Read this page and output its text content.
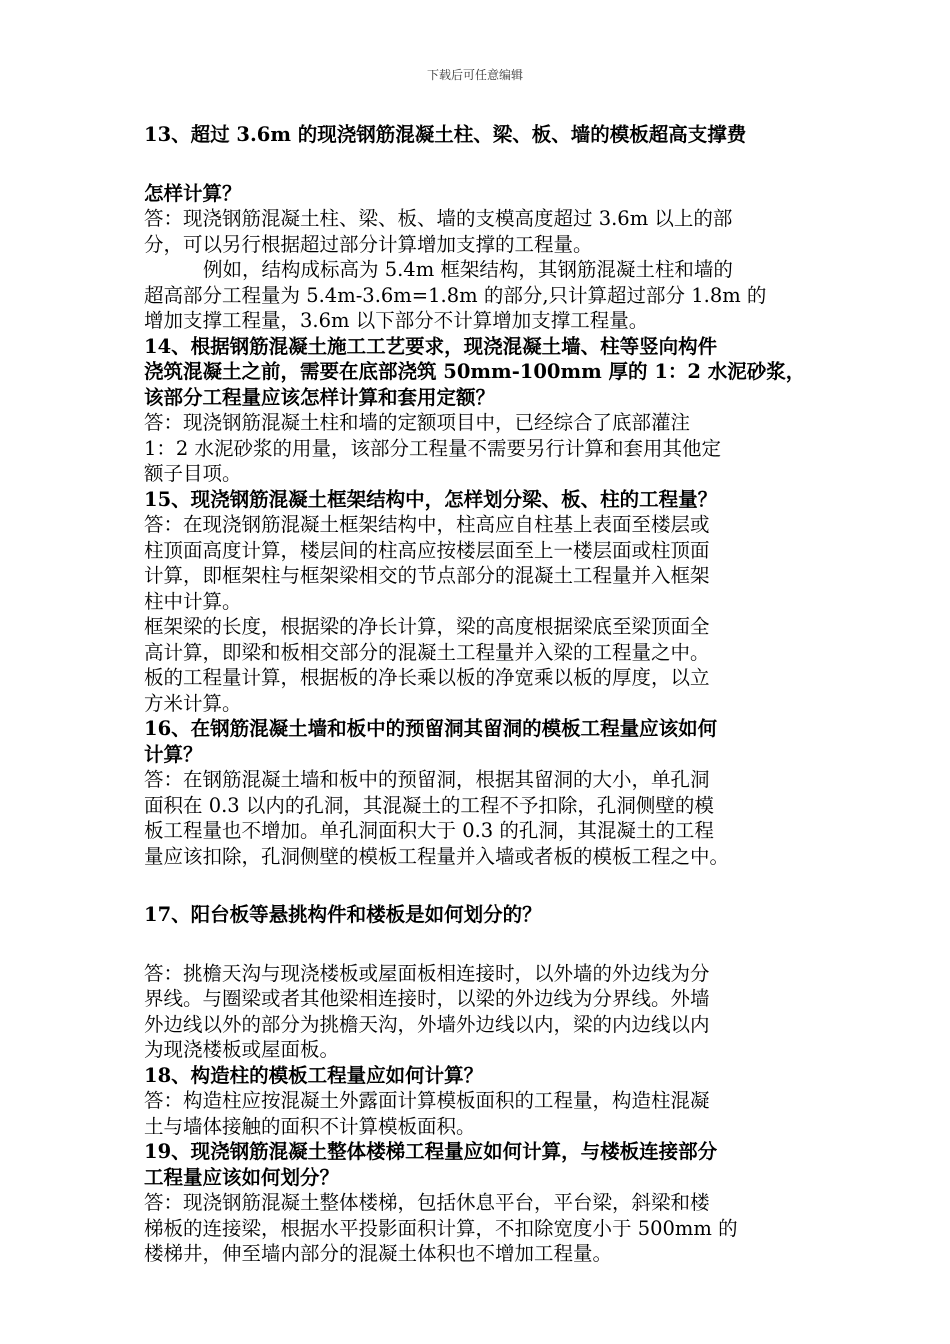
下载后可任意编辑

13、超过 3.6m 的现浇钢筋混凝土柱、梁、板、墙的模板超高支撑费

怎样计算？

答：现浇钢筋混凝土柱、梁、板、墙的支模高度超过 3.6m 以上的部

分，可以另行根据超过部分计算增加支撑的工程量。

例如，结构成标高为 5.4m 框架结构，其钢筋混凝土柱和墙的

超高部分工程量为 5.4m-3.6m=1.8m 的部分,只计算超过部分 1.8m 的

增加支撑工程量，3.6m 以下部分不计算增加支撑工程量。

14、根据钢筋混凝土施工工艺要求，现浇混凝土墙、柱等竖向构件

浇筑混凝土之前，需要在底部浇筑 50mm-100mm 厚的 1：2 水泥砂浆，

该部分工程量应该怎样计算和套用定额？

答：现浇钢筋混凝土柱和墙的定额项目中，已经综合了底部灌注

1：2 水泥砂浆的用量，该部分工程量不需要另行计算和套用其他定

额子目项。

15、现浇钢筋混凝土框架结构中，怎样划分梁、板、柱的工程量？

答：在现浇钢筋混凝土框架结构中，柱高应自柱基上表面至楼层或

柱顶面高度计算，楼层间的柱高应按楼层面至上一楼层面或柱顶面

计算，即框架柱与框架梁相交的节点部分的混凝土工程量并入框架

柱中计算。

框架梁的长度，根据梁的净长计算，梁的高度根据梁底至梁顶面全

高计算，即梁和板相交部分的混凝土工程量并入梁的工程量之中。

板的工程量计算，根据板的净长乘以板的净宽乘以板的厚度，以立

方米计算。

16、在钢筋混凝土墙和板中的预留洞其留洞的模板工程量应该如何

计算？

答：在钢筋混凝土墙和板中的预留洞，根据其留洞的大小，单孔洞

面积在 0.3 以内的孔洞，其混凝土的工程不予扣除，孔洞侧壁的模

板工程量也不增加。单孔洞面积大于 0.3 的孔洞，其混凝土的工程

量应该扣除，孔洞侧壁的模板工程量并入墙或者板的模板工程之中。

17、阳台板等悬挑构件和楼板是如何划分的？

答：挑檐天沟与现浇楼板或屋面板相连接时，以外墙的外边线为分

界线。与圈梁或者其他梁相连接时，以梁的外边线为分界线。外墙

外边线以外的部分为挑檐天沟，外墙外边线以内，梁的内边线以内

为现浇楼板或屋面板。

18、构造柱的模板工程量应如何计算？

答：构造柱应按混凝土外露面计算模板面积的工程量，构造柱混凝

土与墙体接触的面积不计算模板面积。

19、现浇钢筋混凝土整体楼梯工程量应如何计算，与楼板连接部分

工程量应该如何划分？

答：现浇钢筋混凝土整体楼梯，包括休息平台，平台梁，斜梁和楼

梯板的连接梁，根据水平投影面积计算，不扣除宽度小于 500mm 的

楼梯井，伸至墙内部分的混凝土体积也不增加工程量。
